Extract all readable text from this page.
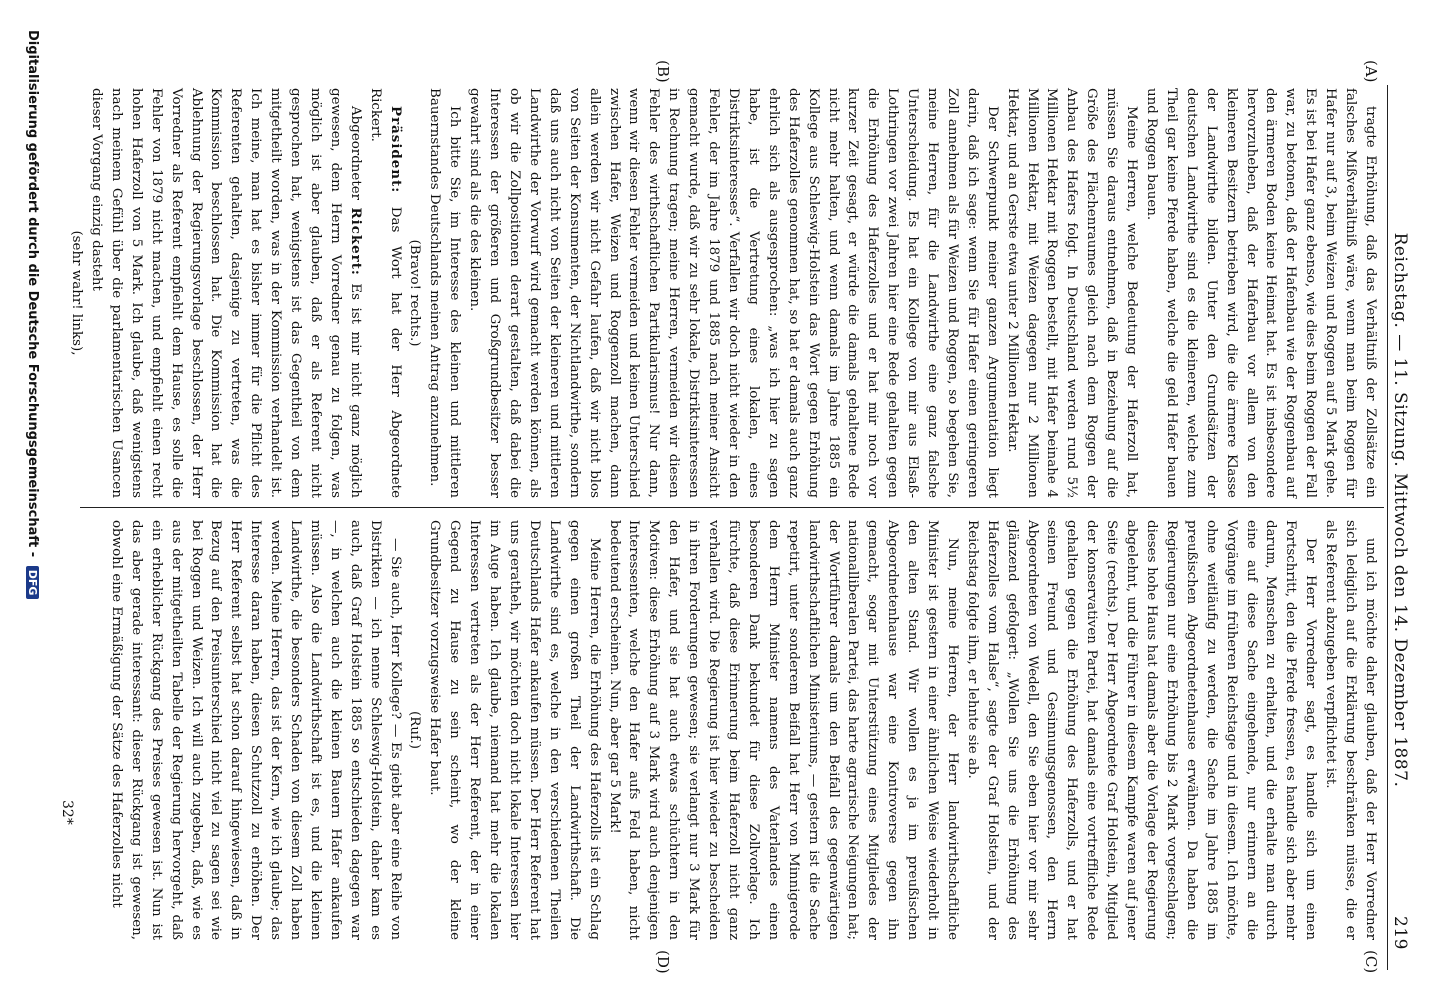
Reichstag. — 11. Sitzung. Mittwoch den 14. Dezember 1887.
219
(A)
(B)
(C)
(D)

tragte Erhöhung, daß das Verhältniß der Zollsätze ein falsches Mißverhältniß wäre, wenn man beim Roggen für Hafer nur auf 3, beim Weizen und Roggen auf 5 Mark gehe. Es ist bei Hafer ganz ebenso, wie dies beim Roggen der Fall war, zu betonen, daß der Hafenbau wie der Roggenbau auf den ärmeren Boden keine Heimat hat. Es ist insbesondere hervorzuheben, daß der Haferbau vor allem von den kleineren Besitzern betrieben wird, die die ärmere Klasse der Landwirthe bilden. Unter den Grundsätzen der deutschen Landwirthe sind es die kleineren, welche zum Theil gar keine Pferde haben, welche die geld Hafer bauen und Roggen bauen.

Meine Herren, welche Bedeutung der Haferzoll hat, müssen Sie daraus entnehmen, daß in Beziehung auf die Größe des Flächenraumes gleich nach dem Roggen der Anbau des Hafers folgt. In Deutschland werden rund 5½ Millionen Hektar mit Roggen bestellt, mit Hafer beinahe 4 Millionen Hektar, mit Weizen dagegen nur 2 Millionen Hektar, und an Gerste etwa unter 2 Millionen Hektar.

Der Schwerpunkt meiner ganzen Argumentation liegt darin, daß ich sage: wenn Sie für Hafer einen geringeren Zoll annehmen als für Weizen und Roggen, so begehen Sie, meine Herren, für die Landwirthe eine ganz falsche Unterscheidung. Es hat ein Kollege von mir aus Elsaß-Lothringen vor zwei Jahren hier eine Rede gehalten gegen die Erhöhung des Haferzolles und er hat mir noch vor kurzer Zeit gesagt, er würde die damals gehaltene Rede nicht mehr halten, und wenn damals im Jahre 1885 ein Kollege aus Schleswig-Holstein das Wort gegen Erhöhung des Haferzolles genommen hat, so hat er damals auch ganz ehrlich sich als ausgesprochen: „was ich hier zu sagen habe, ist die Vertretung eines lokalen, eines Distriktsinteresses“. Verfallen wir doch nicht wieder in den Fehler, der im Jahre 1879 und 1885 nach meiner Ansicht gemacht wurde, daß wir zu sehr lokale, Distriktsinteressen in Rechnung tragen; meine Herren, vermeiden wir diesen Fehler des wirthschaftlichen Partikularismus! Nur dann, wenn wir diesen Fehler vermeiden und keinen Unterschied zwischen Hafer, Weizen und Roggenzoll machen, dann allein werden wir nicht Gefahr laufen, daß wir nicht blos von Seiten der Konsumenten, der Nichtlandwirthe, sondern daß uns auch nicht von Seiten der kleineren und mittleren Landwirthe der Vorwurf wird gemacht werden können, als ob wir die Zollpositionen derart gestalten, daß dabei die Interessen der größeren und Großgrundbesitzer besser gewahrt sind als die des kleinen.

Ich bitte Sie, im Interesse des kleinen und mittleren Bauernstandes Deutschlands meinen Antrag anzunehmen.

(Bravo! rechts.)

Präsident: Das Wort hat der Herr Abgeordnete Rickert.

Abgeordneter Rickert: Es ist mir nicht ganz möglich gewesen, dem Herrn Vorredner genau zu folgen, was möglich ist aber glauben, daß er als Referent nicht gesprochen hat, wenigstens ist das Gegentheil von dem mitgetheilt worden, was in der Kommission verhandelt ist. Ich meine, man hat es bisher immer für die Pflicht des Referenten gehalten, dasjenige zu vertreten, was die Kommission beschlossen hat. Die Kommission hat die Ablehnung der Regierungsvorlage beschlossen, der Herr Vorredner als Referent empfiehlt dem Hause, es solle die Fehler von 1879 nicht machen, und empfiehlt einen recht hohen Haferzoll von 5 Mark. Ich glaube, daß wenigstens nach meinem Gefühl über die parlamentarischen Usancen dieser Vorgang einzig dasteht

(sehr wahr! links),

und ich möchte daher glauben, daß der Herr Vorredner sich lediglich auf die Erklärung beschränken müsse, die er als Referent abzugeben verpflichtet ist.

Der Herr Vorredner sagt, es handle sich um einen Fortschritt, den die Pferde fressen, es handle sich aber mehr darum, Menschen zu erhalten, und die erhalte man durch eine auf diese Sache eingehende, nur erinnern an die Vorgänge im früheren Reichstage und in diesem. Ich möchte, ohne weitläufig zu werden, die Sache im Jahre 1885 im preußischen Abgeordnetenhause erwähnen. Da haben die Regierungen nur eine Erhöhung bis 2 Mark vorgeschlagen; dieses hohe Haus hat damals aber die Vorlage der Regierung abgelehnt, und die Führer in diesem Kampfe waren auf jener Seite (rechts). Der Herr Abgeordnete Graf Holstein, Mitglied der konservativen Partei, hat damals eine vortreffliche Rede gehalten gegen die Erhöhung des Haferzolls, und er hat seinen Freund und Gesinnungsgenossen, den Herrn Abgeordneten von Wedell, den Sie eben hier vor mir sehr glänzend gefolgert: „Wollen Sie uns die Erhöhung des Haferzolles vom Halse“, sagte der Graf Holstein, und der Reichstag folgte ihm, er lehnte sie ab.

Nun, meine Herren, der Herr landwirthschaftliche Minister ist gestern in einer ähnlichen Weise wiederholt in den alten Stand. Wir wollen es ja im preußischen Abgeordnetenhause war eine Kontroverse gegen ihn gemacht, sogar mit Unterstützung eines Mitgliedes der nationalliberalen Partei, das harte agrarische Neigungen hat; der Wortführer damals um den Beifall des gegenwärtigen landwirthschaftlichen Ministeriums, — gestern ist die Sache repetirt, unter sonderem Beifall hat Herr von Minnigerode dem Herrn Minister namens des Vaterlandes einen besonderen Dank bekundet für diese Zollvorlage. Ich fürchte, daß diese Erinnerung beim Haferzoll nicht ganz verhallen wird. Die Regierung ist hier wieder zu bescheiden in ihren Forderungen gewesen; sie verlangt nur 3 Mark für den Hafer, und sie hat auch etwas schüchtern in den Motiven: diese Erhöhung auf 3 Mark wird auch denjenigen Interessenten, welche den Hafer aufs Feld haben, nicht bedeutend erscheinen. Nun, aber gar 5 Mark!

Meine Herren, die Erhöhung des Haferzolls ist ein Schlag gegen einen großen Theil der Landwirthschaft. Die Landwirthe sind es, welche in den verschiedenen Theilen Deutschlands Hafer ankaufen müssen. Der Herr Referent hat uns geratheh, wir möchten doch nicht lokale Interessen hier im Auge haben. Ich glaube, niemand hat mehr die lokalen Interessen vertreten als der Herr Referent, der in einer Gegend zu Hause zu sein scheint, wo der kleine Grundbesitzer vorzugsweise Hafer baut.

(Ruf.)

— Sie auch, Herr Kollege? — Es giebt aber eine Reihe von Distrikten — ich nenne Schleswig-Holstein, daher kam es auch, daß Graf Holstein 1885 so entschieden dagegen war —, in welchen auch die kleinen Bauern Hafer ankaufen müssen. Also die Landwirthschaft ist es, und die kleinen Landwirthe, die besonders Schaden von diesem Zoll haben werden. Meine Herren, das ist der Kern, wie ich glaube; das Interesse daran haben, diesen Schutzzoll zu erhöhen. Der Herr Referent selbst hat schon darauf hingewiesen, daß in Bezug auf den Preisunterschied nicht viel zu sagen sei wie bei Roggen und Weizen. Ich will auch zugeben, daß, wie es aus der mitgetheilten Tabelle der Regierung hervorgeht, daß ein erheblicher Rückgang des Preises gewesen ist. Nun ist das aber gerade interessant: dieser Rückgang ist gewesen, obwohl eine Ermäßigung der Sätze des Haferzolles nicht

32*
Digitalisierung gefördert durch die Deutsche Forschungsgemeinschaft - DFG
